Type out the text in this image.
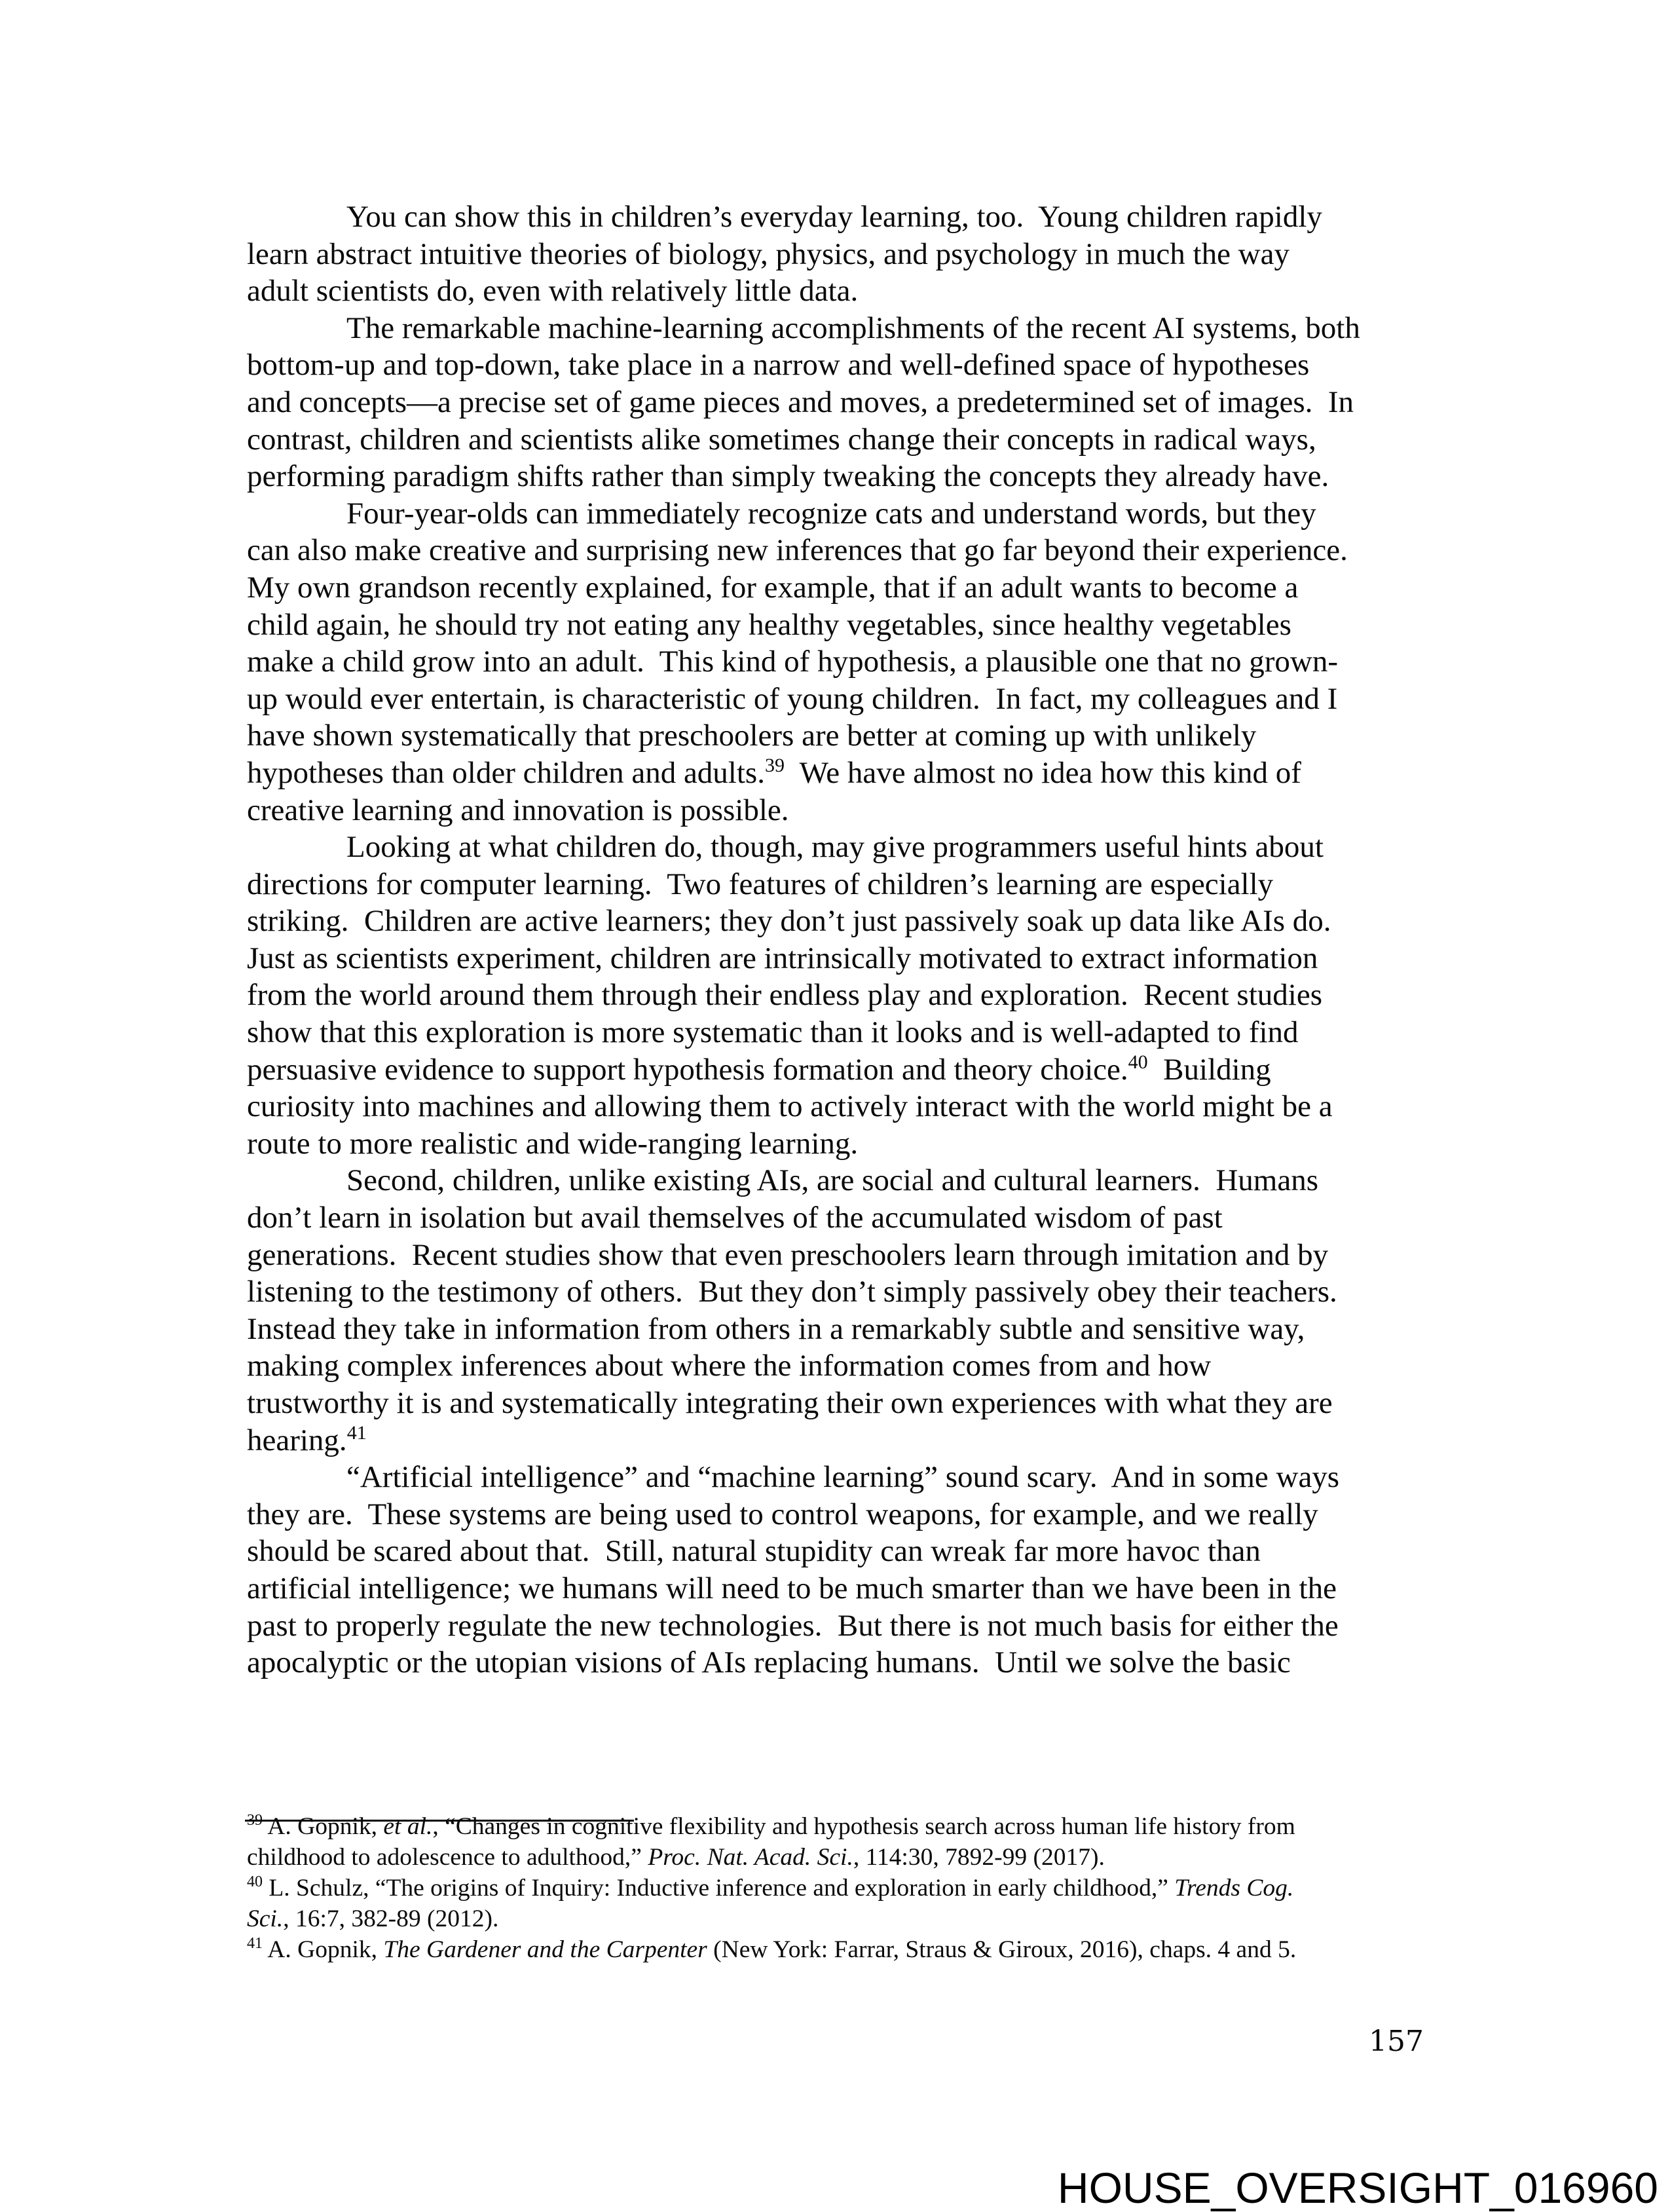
You can show this in children’s everyday learning, too.  Young children rapidly
learn abstract intuitive theories of biology, physics, and psychology in much the way
adult scientists do, even with relatively little data.
The remarkable machine-learning accomplishments of the recent AI systems, both
bottom-up and top-down, take place in a narrow and well-defined space of hypotheses
and concepts—a precise set of game pieces and moves, a predetermined set of images.  In
contrast, children and scientists alike sometimes change their concepts in radical ways,
performing paradigm shifts rather than simply tweaking the concepts they already have.
Four-year-olds can immediately recognize cats and understand words, but they
can also make creative and surprising new inferences that go far beyond their experience.
My own grandson recently explained, for example, that if an adult wants to become a
child again, he should try not eating any healthy vegetables, since healthy vegetables
make a child grow into an adult.  This kind of hypothesis, a plausible one that no grown-
up would ever entertain, is characteristic of young children.  In fact, my colleagues and I
have shown systematically that preschoolers are better at coming up with unlikely
hypotheses than older children and adults.$^{39}$  We have almost no idea how this kind of
creative learning and innovation is possible.
Looking at what children do, though, may give programmers useful hints about
directions for computer learning.  Two features of children’s learning are especially
striking.  Children are active learners; they don’t just passively soak up data like AIs do.
Just as scientists experiment, children are intrinsically motivated to extract information
from the world around them through their endless play and exploration.  Recent studies
show that this exploration is more systematic than it looks and is well-adapted to find
persuasive evidence to support hypothesis formation and theory choice.$^{40}$  Building
curiosity into machines and allowing them to actively interact with the world might be a
route to more realistic and wide-ranging learning.
Second, children, unlike existing AIs, are social and cultural learners.  Humans
don’t learn in isolation but avail themselves of the accumulated wisdom of past
generations.  Recent studies show that even preschoolers learn through imitation and by
listening to the testimony of others.  But they don’t simply passively obey their teachers.
Instead they take in information from others in a remarkably subtle and sensitive way,
making complex inferences about where the information comes from and how
trustworthy it is and systematically integrating their own experiences with what they are
hearing.$^{41}$
“Artificial intelligence” and “machine learning” sound scary.  And in some ways
they are.  These systems are being used to control weapons, for example, and we really
should be scared about that.  Still, natural stupidity can wreak far more havoc than
artificial intelligence; we humans will need to be much smarter than we have been in the
past to properly regulate the new technologies.  But there is not much basis for either the
apocalyptic or the utopian visions of AIs replacing humans.  Until we solve the basic
$^{39}$ A. Gopnik, et al., “Changes in cognitive flexibility and hypothesis search across human life history from
childhood to adolescence to adulthood,” Proc. Nat. Acad. Sci., 114:30, 7892-99 (2017).
$^{40}$ L. Schulz, “The origins of Inquiry: Inductive inference and exploration in early childhood,” Trends Cog.
Sci., 16:7, 382-89 (2012).
$^{41}$ A. Gopnik, The Gardener and the Carpenter (New York: Farrar, Straus & Giroux, 2016), chaps. 4 and 5.
157
HOUSE_OVERSIGHT_016960
